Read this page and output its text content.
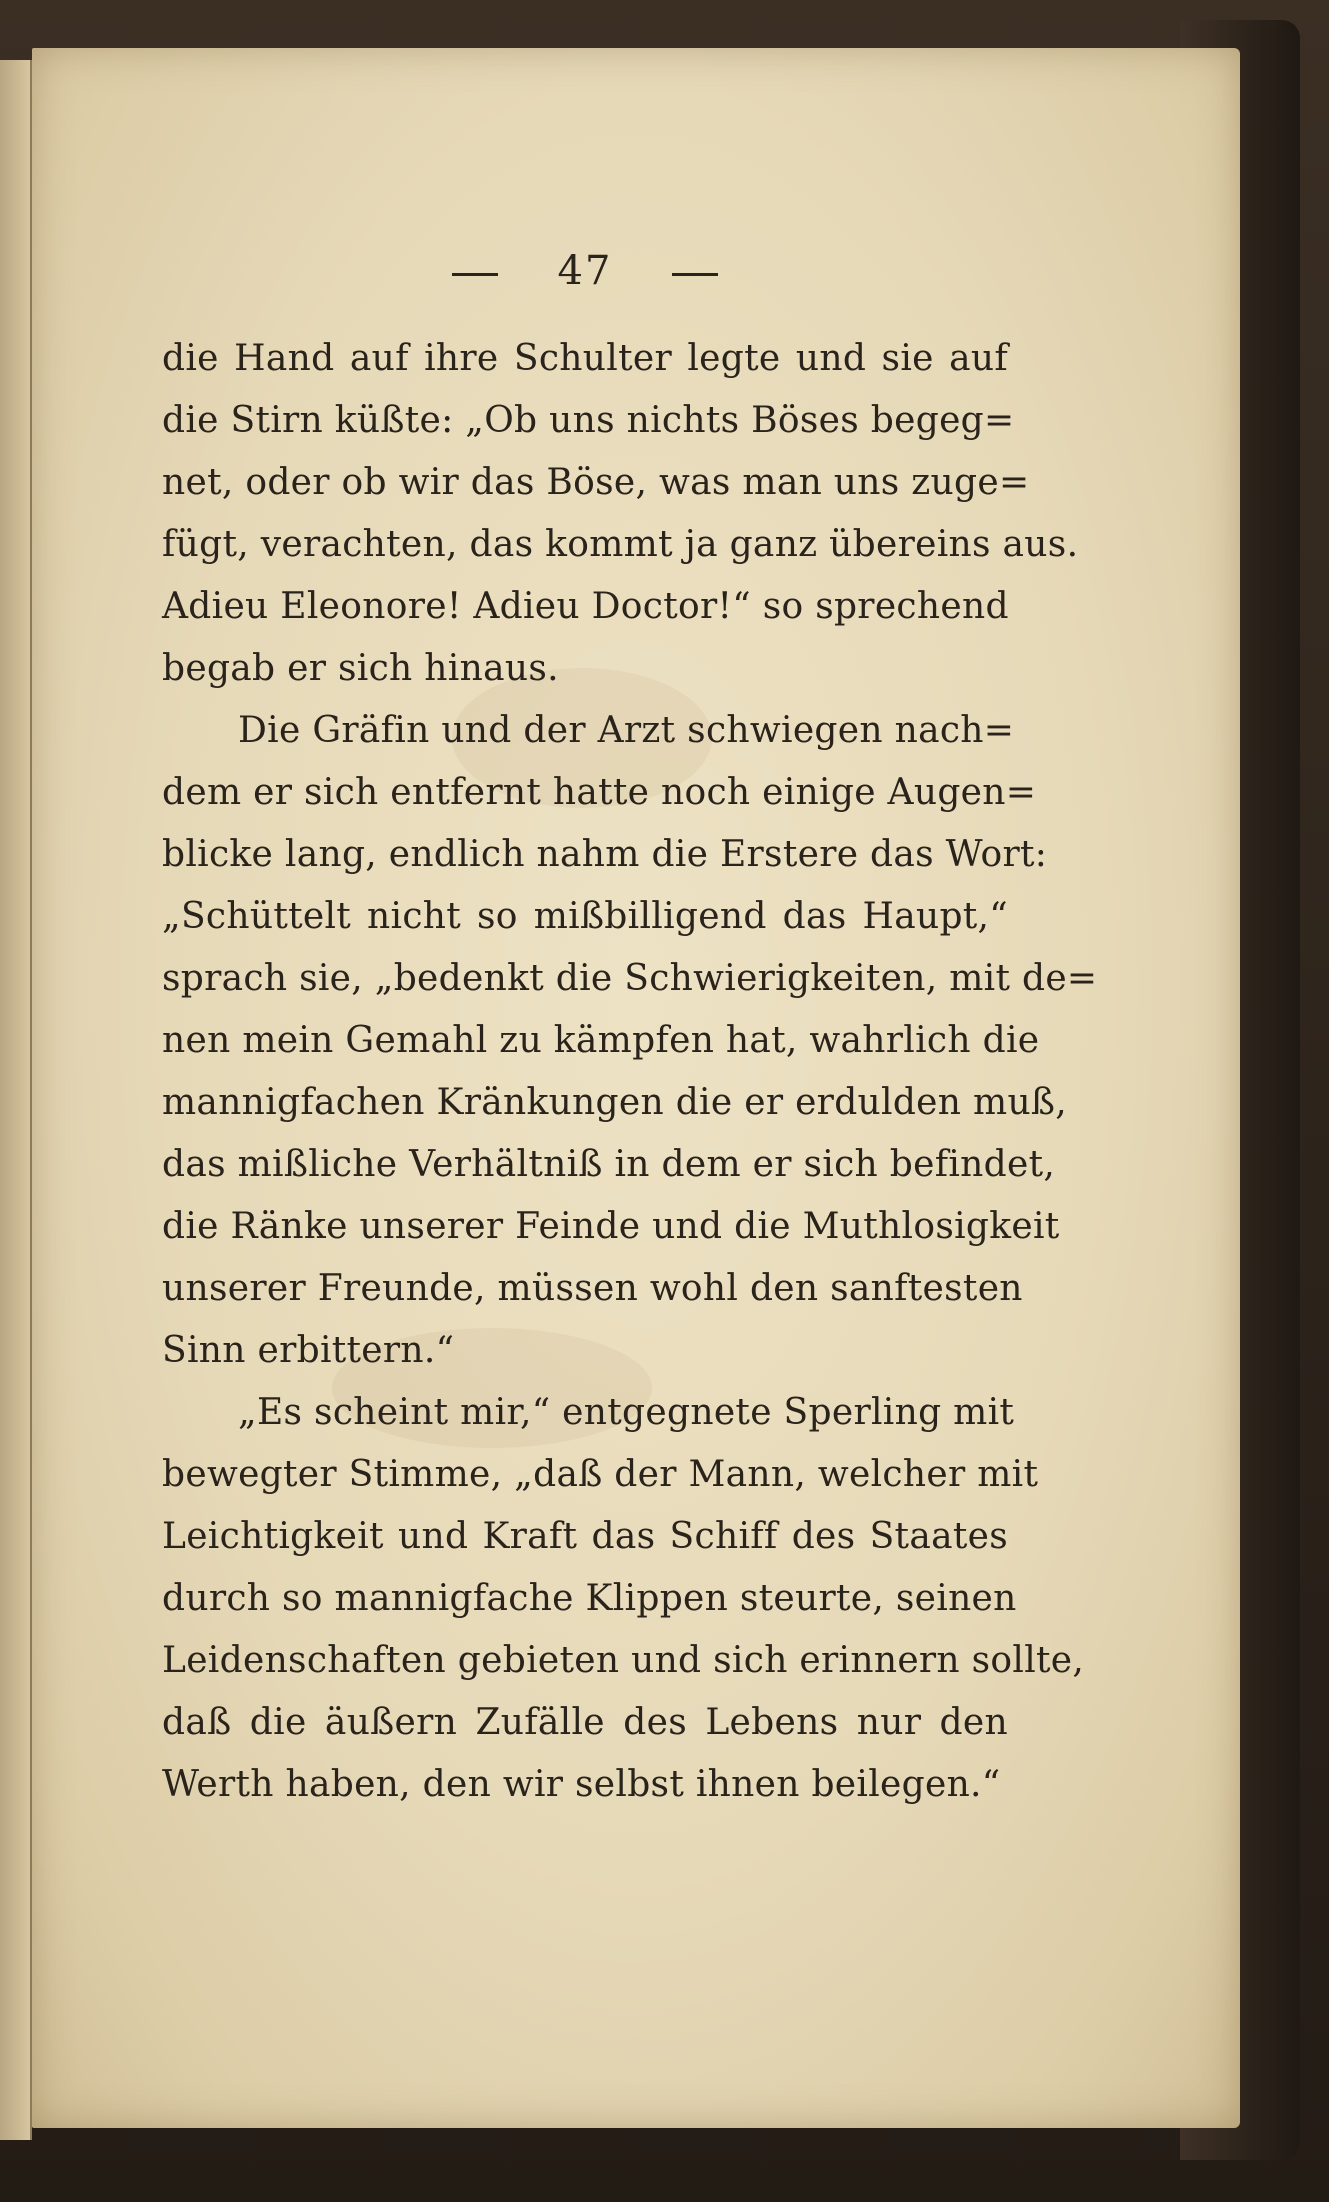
47
die Hand auf ihre Schulter legte und sie auf
die Stirn küßte: „Ob uns nichts Böses begeg=
net, oder ob wir das Böse, was man uns zuge=
fügt, verachten, das kommt ja ganz übereins aus.
Adieu Eleonore! Adieu Doctor!“ so sprechend
begab er sich hinaus.
Die Gräfin und der Arzt schwiegen nach=
dem er sich entfernt hatte noch einige Augen=
blicke lang, endlich nahm die Erstere das Wort:
„Schüttelt nicht so mißbilligend das Haupt,“
sprach sie, „bedenkt die Schwierigkeiten, mit de=
nen mein Gemahl zu kämpfen hat, wahrlich die
mannigfachen Kränkungen die er erdulden muß,
das mißliche Verhältniß in dem er sich befindet,
die Ränke unserer Feinde und die Muthlosigkeit
unserer Freunde, müssen wohl den sanftesten
Sinn erbittern.“
„Es scheint mir,“ entgegnete Sperling mit
bewegter Stimme, „daß der Mann, welcher mit
Leichtigkeit und Kraft das Schiff des Staates
durch so mannigfache Klippen steurte, seinen
Leidenschaften gebieten und sich erinnern sollte,
daß die äußern Zufälle des Lebens nur den
Werth haben, den wir selbst ihnen beilegen.“
